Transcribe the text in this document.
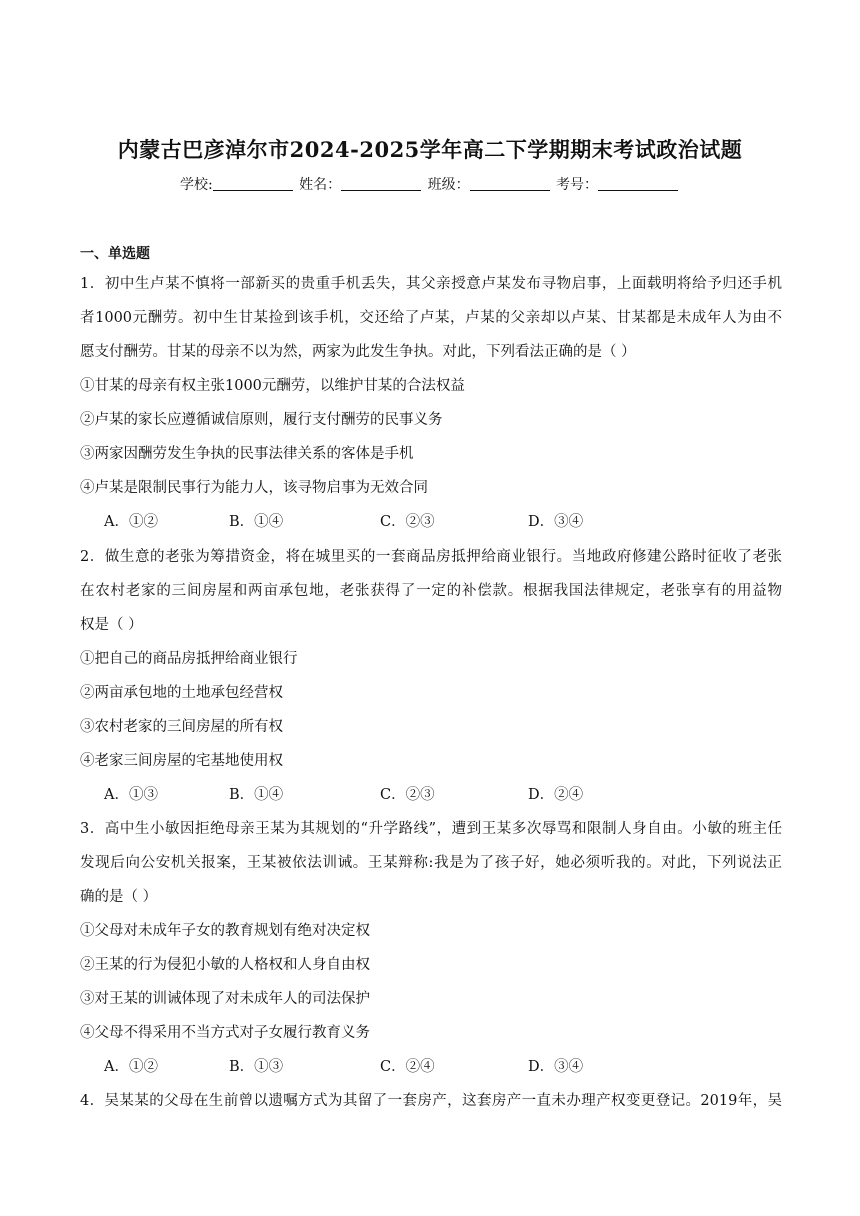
内蒙古巴彦淖尔市2024-2025学年高二下学期期末考试政治试题
学校:	姓名：	班级：	考号：
一、单选题
1．初中生卢某不慎将一部新买的贵重手机丢失，其父亲授意卢某发布寻物启事，上面载明将给予归还手机
者1000元酬劳。初中生甘某捡到该手机，交还给了卢某，卢某的父亲却以卢某、甘某都是未成年人为由不
愿支付酬劳。甘某的母亲不以为然，两家为此发生争执。对此，下列看法正确的是（ ）
①甘某的母亲有权主张1000元酬劳，以维护甘某的合法权益
②卢某的家长应遵循诚信原则，履行支付酬劳的民事义务
③两家因酬劳发生争执的民事法律关系的客体是手机
④卢某是限制民事行为能力人，该寻物启事为无效合同
A．①②	B．①④	C．②③	D．③④
2．做生意的老张为筹措资金，将在城里买的一套商品房抵押给商业银行。当地政府修建公路时征收了老张
在农村老家的三间房屋和两亩承包地，老张获得了一定的补偿款。根据我国法律规定，老张享有的用益物
权是（ ）
①把自己的商品房抵押给商业银行
②两亩承包地的土地承包经营权
③农村老家的三间房屋的所有权
④老家三间房屋的宅基地使用权
A．①③	B．①④	C．②③	D．②④
3．高中生小敏因拒绝母亲王某为其规划的“升学路线”，遭到王某多次辱骂和限制人身自由。小敏的班主任
发现后向公安机关报案，王某被依法训诫。王某辩称:我是为了孩子好，她必须听我的。对此，下列说法正
确的是（ ）
①父母对未成年子女的教育规划有绝对决定权
②王某的行为侵犯小敏的人格权和人身自由权
③对王某的训诫体现了对未成年人的司法保护
④父母不得采用不当方式对子女履行教育义务
A．①②	B．①③	C．②④	D．③④
4．吴某某的父母在生前曾以遗嘱方式为其留了一套房产，这套房产一直未办理产权变更登记。2019年，吴
